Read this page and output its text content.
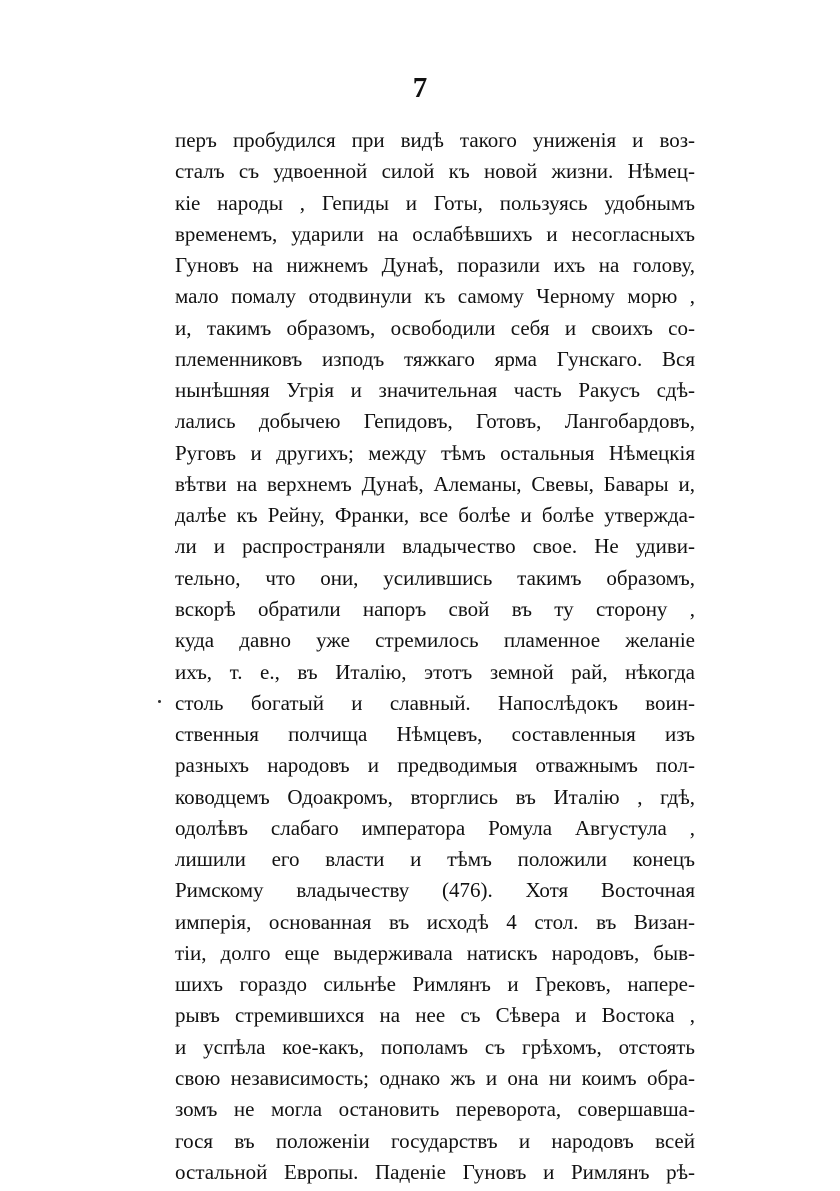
7
перъ пробудился при видѣ такого униженія и воз-
сталъ съ удвоенной силой къ новой жизни. Нѣмец-
кіе народы , Гепиды и Готы, пользуясь удобнымъ
временемъ, ударили на ослабѣвшихъ и несогласныхъ
Гуновъ на нижнемъ Дунаѣ, поразили ихъ на голову,
мало помалу отодвинули къ самому Черному морю ,
и, такимъ образомъ, освободили себя и своихъ со-
племенниковъ изподъ тяжкаго ярма Гунскаго. Вся
нынѣшняя Угрія и значительная часть Ракусъ сдѣ-
лались добычею Гепидовъ, Готовъ, Лангобардовъ,
Руговъ и другихъ; между тѣмъ остальныя Нѣмецкія
вѣтви на верхнемъ Дунаѣ, Алеманы, Свевы, Бавары и,
далѣе къ Рейну, Франки, все болѣе и болѣе утвержда-
ли и распространяли владычество свое. Не удиви-
тельно, что они, усилившись такимъ образомъ,
вскорѣ обратили напоръ свой въ ту сторону ,
куда давно уже стремилось пламенное желаніе
ихъ, т. е., въ Италію, этотъ земной рай, нѣкогда
столь богатый и славный. Напослѣдокъ воин-
ственныя полчища Нѣмцевъ, составленныя изъ
разныхъ народовъ и предводимыя отважнымъ пол-
ководцемъ Одоакромъ, вторглись въ Италію , гдѣ,
одолѣвъ слабаго императора Ромула Августула ,
лишили его власти и тѣмъ положили конецъ
Римскому владычеству (476). Хотя Восточная
имперія, основанная въ исходѣ 4 стол. въ Визан-
тіи, долго еще выдерживала натискъ народовъ, быв-
шихъ гораздо сильнѣе Римлянъ и Грековъ, напере-
рывъ стремившихся на нее съ Сѣвера и Востока ,
и успѣла кое-какъ, пополамъ съ грѣхомъ, отстоять
свою независимость; однако жъ и она ни коимъ обра-
зомъ не могла остановить переворота, совершавша-
гося въ положеніи государствъ и народовъ всей
остальной Европы. Паденіе Гуновъ и Римлянъ рѣ-
